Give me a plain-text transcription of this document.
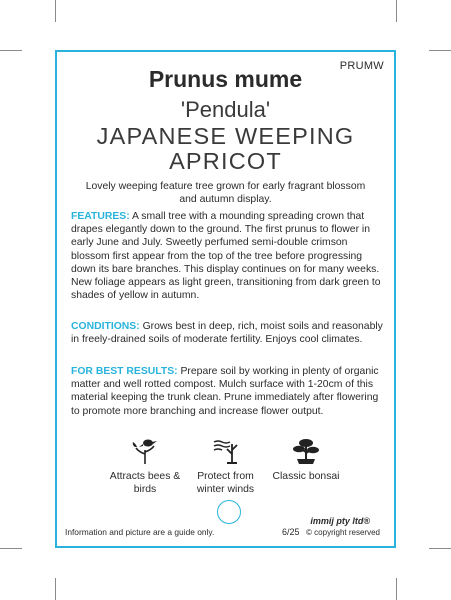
PRUMW
Prunus mume
'Pendula'
JAPANESE WEEPING
APRICOT
Lovely weeping feature tree grown for early fragrant blossom and autumn display.
FEATURES: A small tree with a mounding spreading crown that drapes elegantly down to the ground. The first prunus to flower in early June and July. Sweetly perfumed semi-double crimson blossom first appear from the top of the tree before progressing down its bare branches. This display continues on for many weeks. New foliage appears as light green, transitioning from dark green to shades of yellow in autumn.
CONDITIONS: Grows best in deep, rich, moist soils and reasonably in freely-drained soils of moderate fertility. Enjoys cool climates.
FOR BEST RESULTS: Prepare soil by working in plenty of organic matter and well rotted compost. Mulch surface with 1-20cm of this material keeping the trunk clean. Prune immediately after flowering to promote more branching and increase flower output.
Attracts bees & birds
Protect from winter winds
Classic bonsai
Information and picture are a guide only.
immij pty ltd®
6/25 © copyright reserved
